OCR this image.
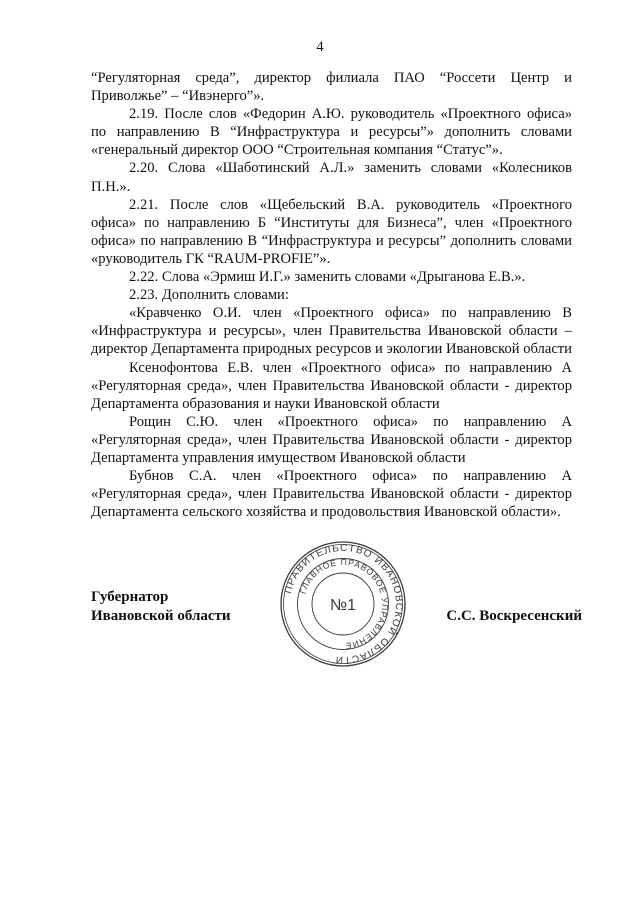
4

“Регуляторная среда”, директор филиала ПАО “Россети Центр и Приволжье” – “Ивэнерго”».

2.19. После слов «Федорин А.Ю. руководитель «Проектного офиса» по направлению В “Инфраструктура и ресурсы”» дополнить словами «генеральный директор ООО “Строительная компания “Статус”».

2.20. Слова «Шаботинский А.Л.» заменить словами «Колесников П.Н.».

2.21. После слов «Щебельский В.А. руководитель «Проектного офиса» по направлению Б “Институты для Бизнеса”, член «Проектного офиса» по направлению В “Инфраструктура и ресурсы” дополнить словами «руководитель ГК “RAUM-PROFIE”».

2.22. Слова «Эрмиш И.Г.» заменить словами «Дрыганова Е.В.».

2.23. Дополнить словами:

«Кравченко О.И. член «Проектного офиса» по направлению В «Инфраструктура и ресурсы», член Правительства Ивановской области – директор Департамента природных ресурсов и экологии Ивановской области

Ксенофонтова Е.В. член «Проектного офиса» по направлению А «Регуляторная среда», член Правительства Ивановской области - директор Департамента образования и науки Ивановской области

Рощин С.Ю. член «Проектного офиса» по направлению А «Регуляторная среда», член Правительства Ивановской области - директор Департамента управления имуществом Ивановской области

Бубнов С.А. член «Проектного офиса» по направлению А «Регуляторная среда», член Правительства Ивановской области - директор Департамента сельского хозяйства и продовольствия Ивановской области».

Губернатор
Ивановской области	С.С. Воскресенский
ПРАВИТЕЛЬСТВО ИВАНОВСКОЙ ОБЛАСТИ
ГЛАВНОЕ ПРАВОВОЕ УПРАВЛЕНИЕ
№1
